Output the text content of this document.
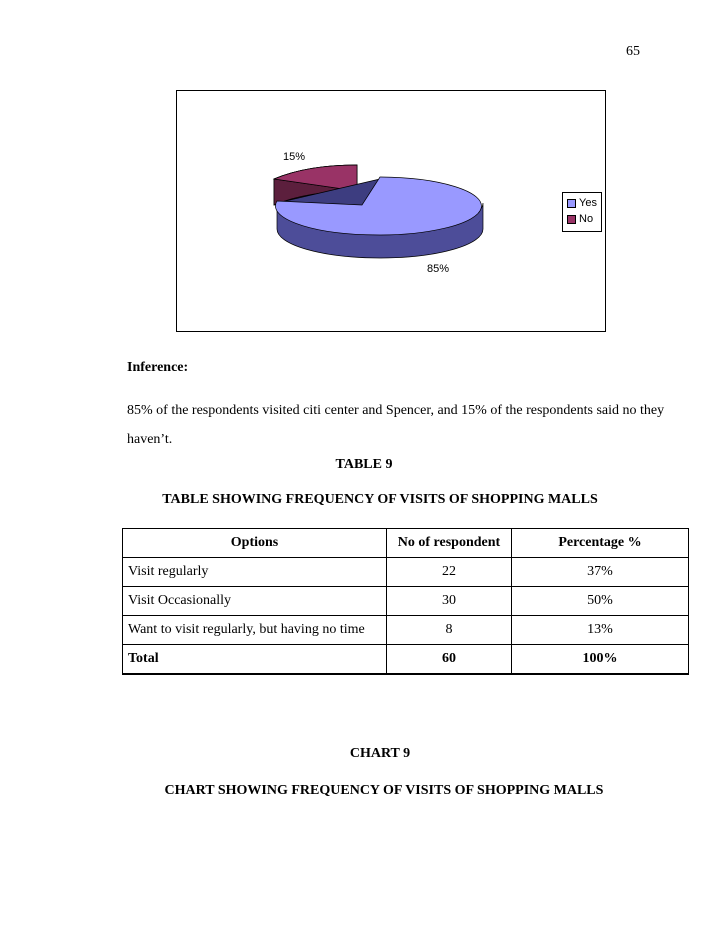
65
15%
85%
Yes
No
Inference:
85% of the respondents visited citi center and Spencer, and 15% of the respondents said no they haven’t.
TABLE 9
TABLE SHOWING FREQUENCY OF VISITS OF SHOPPING MALLS
Options	No of respondent	Percentage %
Visit regularly	22	37%
Visit Occasionally	30	50%
Want to visit regularly, but having no time	8	13%
Total	60	100%
CHART 9
CHART SHOWING FREQUENCY OF VISITS OF SHOPPING MALLS
